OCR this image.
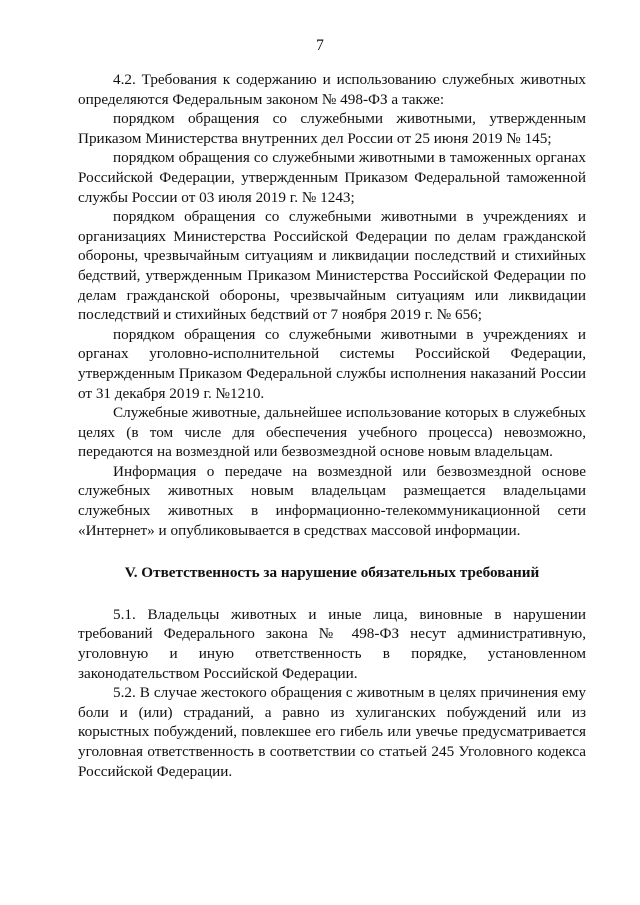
7

4.2. Требования к содержанию и использованию служебных животных определяются Федеральным законом № 498-ФЗ а также:

порядком обращения со служебными животными, утвержденным Приказом Министерства внутренних дел России от 25 июня 2019 № 145;

порядком обращения со служебными животными в таможенных органах Российской Федерации, утвержденным Приказом Федеральной таможенной службы России от 03 июля 2019 г. № 1243;

порядком обращения со служебными животными в учреждениях и организациях Министерства Российской Федерации по делам гражданской обороны, чрезвычайным ситуациям и ликвидации последствий и стихийных бедствий, утвержденным Приказом Министерства Российской Федерации по делам гражданской обороны, чрезвычайным ситуациям или ликвидации последствий и стихийных бедствий от 7 ноября 2019 г. № 656;

порядком обращения со служебными животными в учреждениях и органах уголовно-исполнительной системы Российской Федерации, утвержденным Приказом Федеральной службы исполнения наказаний России от 31 декабря 2019 г. №1210.

Служебные животные, дальнейшее использование которых в служебных целях (в том числе для обеспечения учебного процесса) невозможно, передаются на возмездной или безвозмездной основе новым владельцам.

Информация о передаче на возмездной или безвозмездной основе служебных животных новым владельцам размещается владельцами служебных животных в информационно-телекоммуникационной сети «Интернет» и опубликовывается в средствах массовой информации.

V. Ответственность за нарушение обязательных требований

5.1. Владельцы животных и иные лица, виновные в нарушении требований Федерального закона № 498-ФЗ несут административную, уголовную и иную ответственность в порядке, установленном законодательством Российской Федерации.

5.2. В случае жестокого обращения с животным в целях причинения ему боли и (или) страданий, а равно из хулиганских побуждений или из корыстных побуждений, повлекшее его гибель или увечье предусматривается уголовная ответственность в соответствии со статьей 245 Уголовного кодекса Российской Федерации.
